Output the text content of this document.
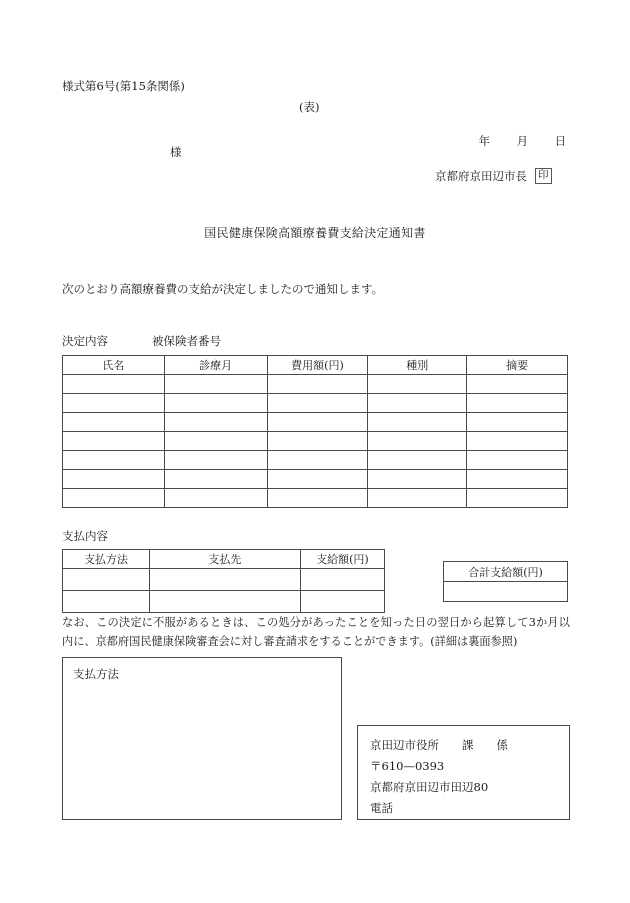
様式第6号(第15条関係)
(表)

年 月 日

様
京都府京田辺市長 印
国民健康保険高額療養費支給決定通知書
次のとおり高額療養費の支給が決定しましたので通知します。
決定内容	被保険者番号
氏名	診療月	費用額(円)	種別	摘要

支払内容
支払方法	支払先	支給額(円)

合計支給額(円)

なお、この決定に不服があるときは、この処分があったことを知った日の翌日から起算して3か月以内に、京都府国民健康保険審査会に対し審査請求をすることができます。(詳細は裏面参照)
支払方法
京田辺市役所　　課　　係
〒610—0393
京都府京田辺市田辺80
電話
